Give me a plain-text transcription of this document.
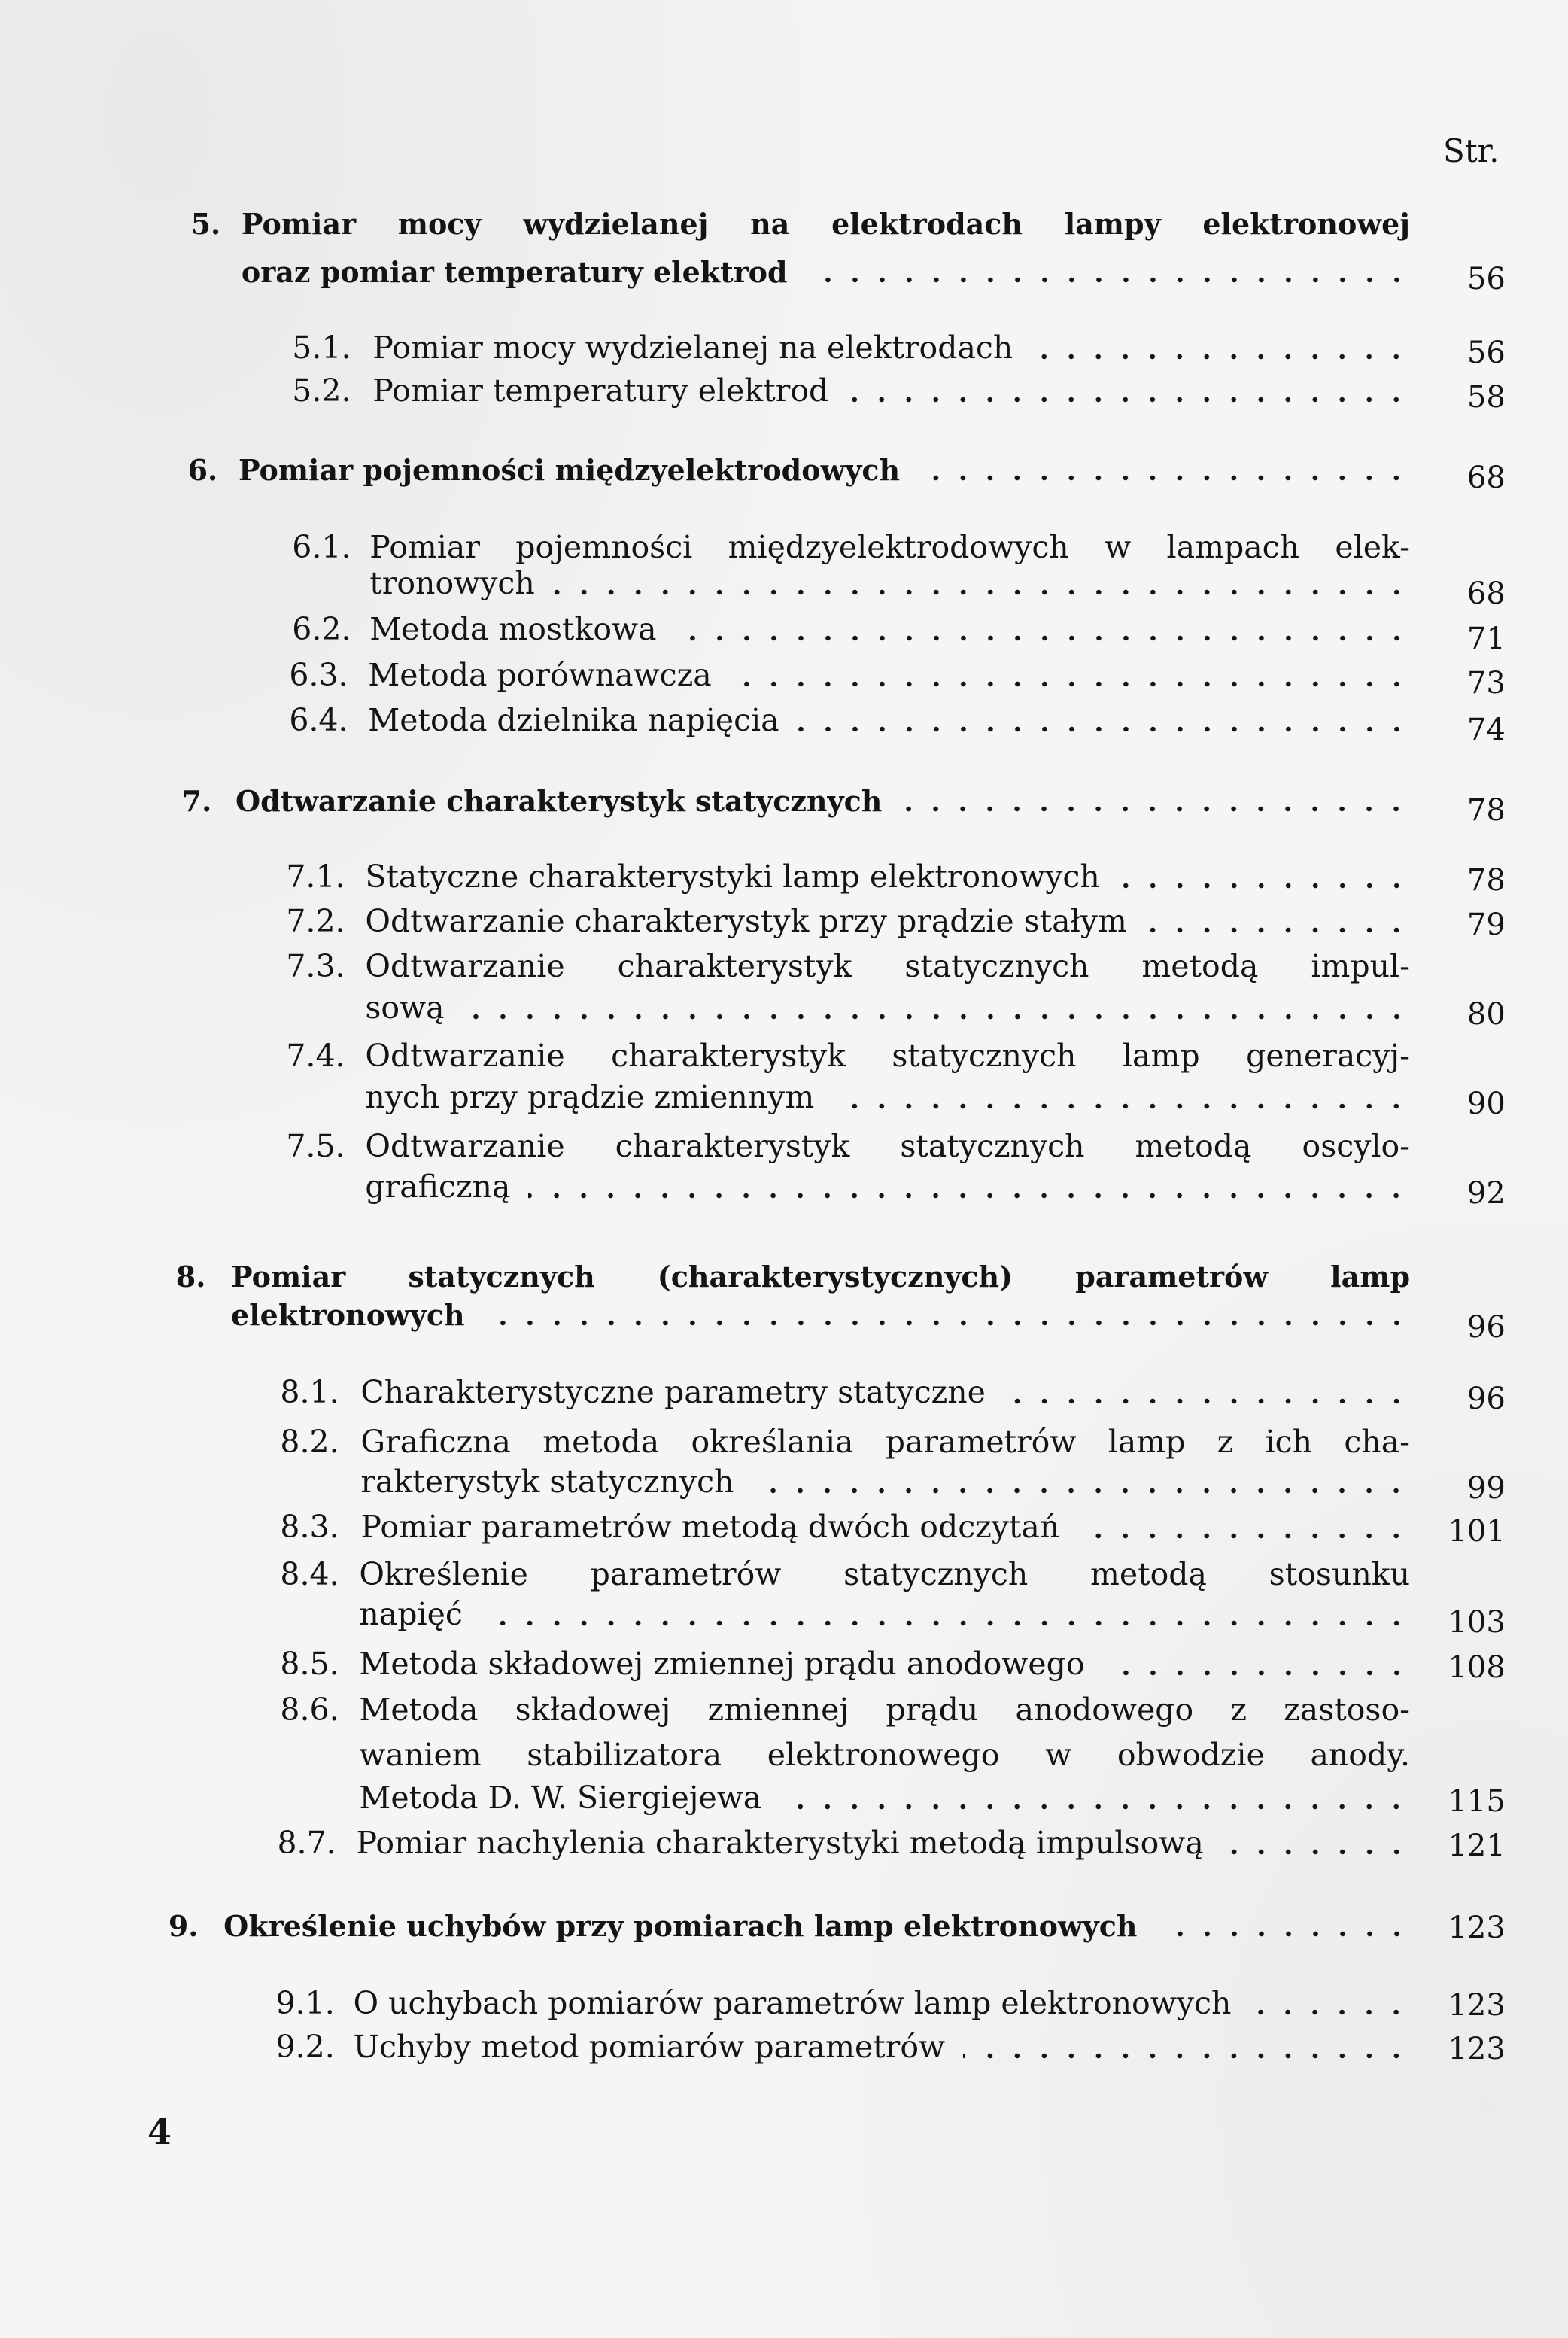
Str.
5. Pomiar mocy wydzielanej na elektrodach lampy elektronowej
oraz pomiar temperatury elektrod	56
5.1. Pomiar mocy wydzielanej na elektrodach	56
5.2. Pomiar temperatury elektrod	58
6. Pomiar pojemności międzyelektrodowych	68
6.1. Pomiar pojemności międzyelektrodowych w lampach elek-
tronowych	68
6.2. Metoda mostkowa	71
6.3. Metoda porównawcza	73
6.4. Metoda dzielnika napięcia	74
7. Odtwarzanie charakterystyk statycznych	78
7.1. Statyczne charakterystyki lamp elektronowych	78
7.2. Odtwarzanie charakterystyk przy prądzie stałym	79
7.3. Odtwarzanie charakterystyk statycznych metodą impul-
sową	80
7.4. Odtwarzanie charakterystyk statycznych lamp generacyj-
nych przy prądzie zmiennym	90
7.5. Odtwarzanie charakterystyk statycznych metodą oscylo-
graficzną	92
8. Pomiar statycznych (charakterystycznych) parametrów lamp
elektronowych	96
8.1. Charakterystyczne parametry statyczne	96
8.2. Graficzna metoda określania parametrów lamp z ich cha-
rakterystyk statycznych	99
8.3. Pomiar parametrów metodą dwóch odczytań	101
8.4. Określenie parametrów statycznych metodą stosunku
napięć	103
8.5. Metoda składowej zmiennej prądu anodowego	108
8.6. Metoda składowej zmiennej prądu anodowego z zastoso-
waniem stabilizatora elektronowego w obwodzie anody.
Metoda D. W. Siergiejewa	115
8.7. Pomiar nachylenia charakterystyki metodą impulsową	121
9. Określenie uchybów przy pomiarach lamp elektronowych	123
9.1. O uchybach pomiarów parametrów lamp elektronowych	123
9.2. Uchyby metod pomiarów parametrów	123
4
